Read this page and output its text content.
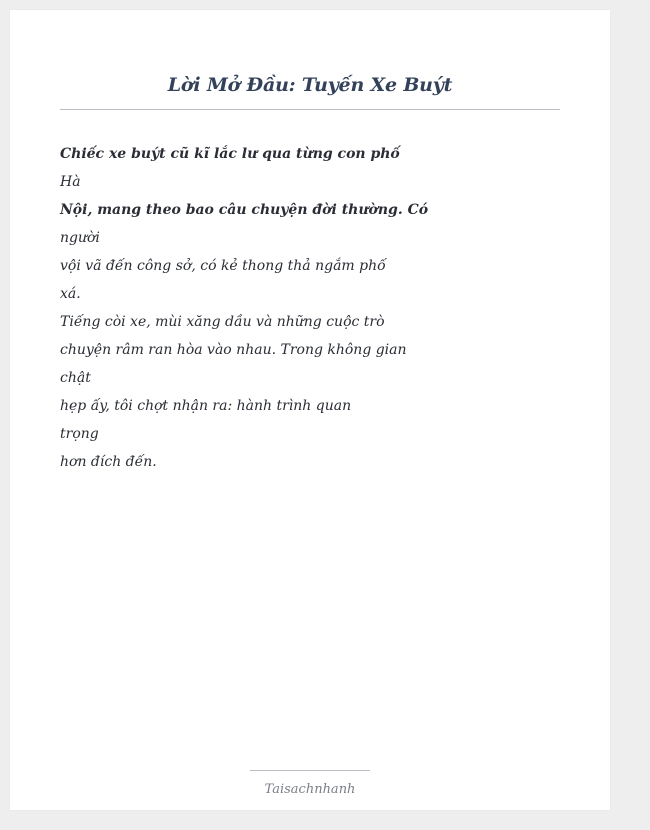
Lời Mở Đầu: Tuyến Xe Buýt
Chiếc xe buýt cũ kĩ lắc lư qua từng con phố
Hà
Nội, mang theo bao câu chuyện đời thường. Có
người
vội vã đến công sở, có kẻ thong thả ngắm phố
xá.
Tiếng còi xe, mùi xăng dầu và những cuộc trò
chuyện râm ran hòa vào nhau. Trong không gian
chật
hẹp ấy, tôi chợt nhận ra: hành trình quan
trọng
hơn đích đến.
Taisachnhanh
